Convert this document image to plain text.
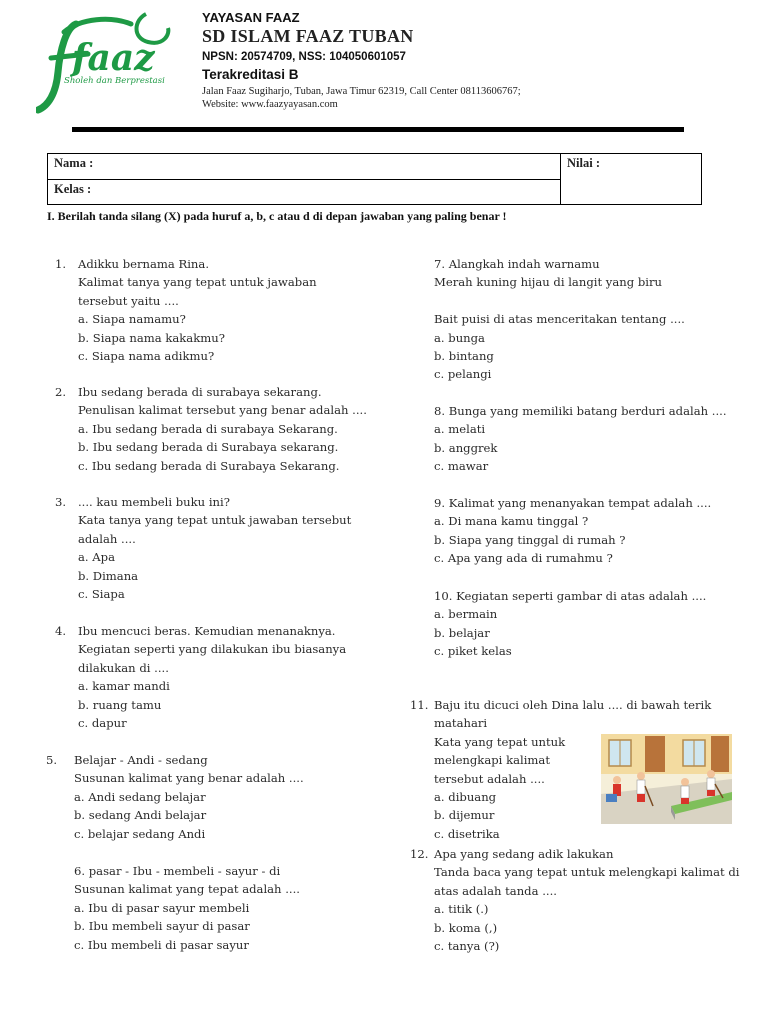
faaz
Sholeh dan Berprestasi
YAYASAN FAAZ
SD ISLAM FAAZ TUBAN
NPSN: 20574709, NSS: 104050601057
Terakreditasi B
Jalan Faaz Sugiharjo, Tuban, Jawa Timur 62319, Call Center 08113606767;
Website: www.faazyayasan.com
Nama :	Nilai :
Kelas :
I. Berilah tanda silang (X) pada huruf a, b, c atau d di depan jawaban yang paling benar !
1. Adikku bernama Rina.
Kalimat tanya yang tepat untuk jawaban
tersebut yaitu ....
a. Siapa namamu?
b. Siapa nama kakakmu?
c. Siapa nama adikmu?
2. Ibu sedang berada di surabaya sekarang.
Penulisan kalimat tersebut yang benar adalah ....
a. Ibu sedang berada di surabaya Sekarang.
b. Ibu sedang berada di Surabaya sekarang.
c. Ibu sedang berada di Surabaya Sekarang.
3. .... kau membeli buku ini?
Kata tanya yang tepat untuk jawaban tersebut
adalah ....
a. Apa
b. Dimana
c. Siapa
4. Ibu mencuci beras. Kemudian menanaknya.
Kegiatan seperti yang dilakukan ibu biasanya
dilakukan di ....
a. kamar mandi
b. ruang tamu
c. dapur
5. Belajar - Andi - sedang
Susunan kalimat yang benar adalah ....
a. Andi sedang belajar
b. sedang Andi belajar
c. belajar sedang Andi
6. pasar - Ibu - membeli - sayur - di
Susunan kalimat yang tepat adalah ....
a. Ibu di pasar sayur membeli
b. Ibu membeli sayur di pasar
c. Ibu membeli di pasar sayur
7. Alangkah indah warnamu
Merah kuning hijau di langit yang biru
Bait puisi di atas menceritakan tentang ....
a. bunga
b. bintang
c. pelangi
8. Bunga yang memiliki batang berduri adalah ....
a. melati
b. anggrek
c. mawar
9. Kalimat yang menanyakan tempat adalah ....
a. Di mana kamu tinggal ?
b. Siapa yang tinggal di rumah ?
c. Apa yang ada di rumahmu ?
10. Kegiatan seperti gambar di atas adalah ....
a. bermain
b. belajar
c. piket kelas
11. Baju itu dicuci oleh Dina lalu .... di bawah terik
matahari
Kata yang tepat untuk
melengkapi kalimat
tersebut adalah ....
a. dibuang
b. dijemur
c. disetrika
12. Apa yang sedang adik lakukan
Tanda baca yang tepat untuk melengkapi kalimat di
atas adalah tanda ....
a. titik (.)
b. koma (,)
c. tanya (?)
